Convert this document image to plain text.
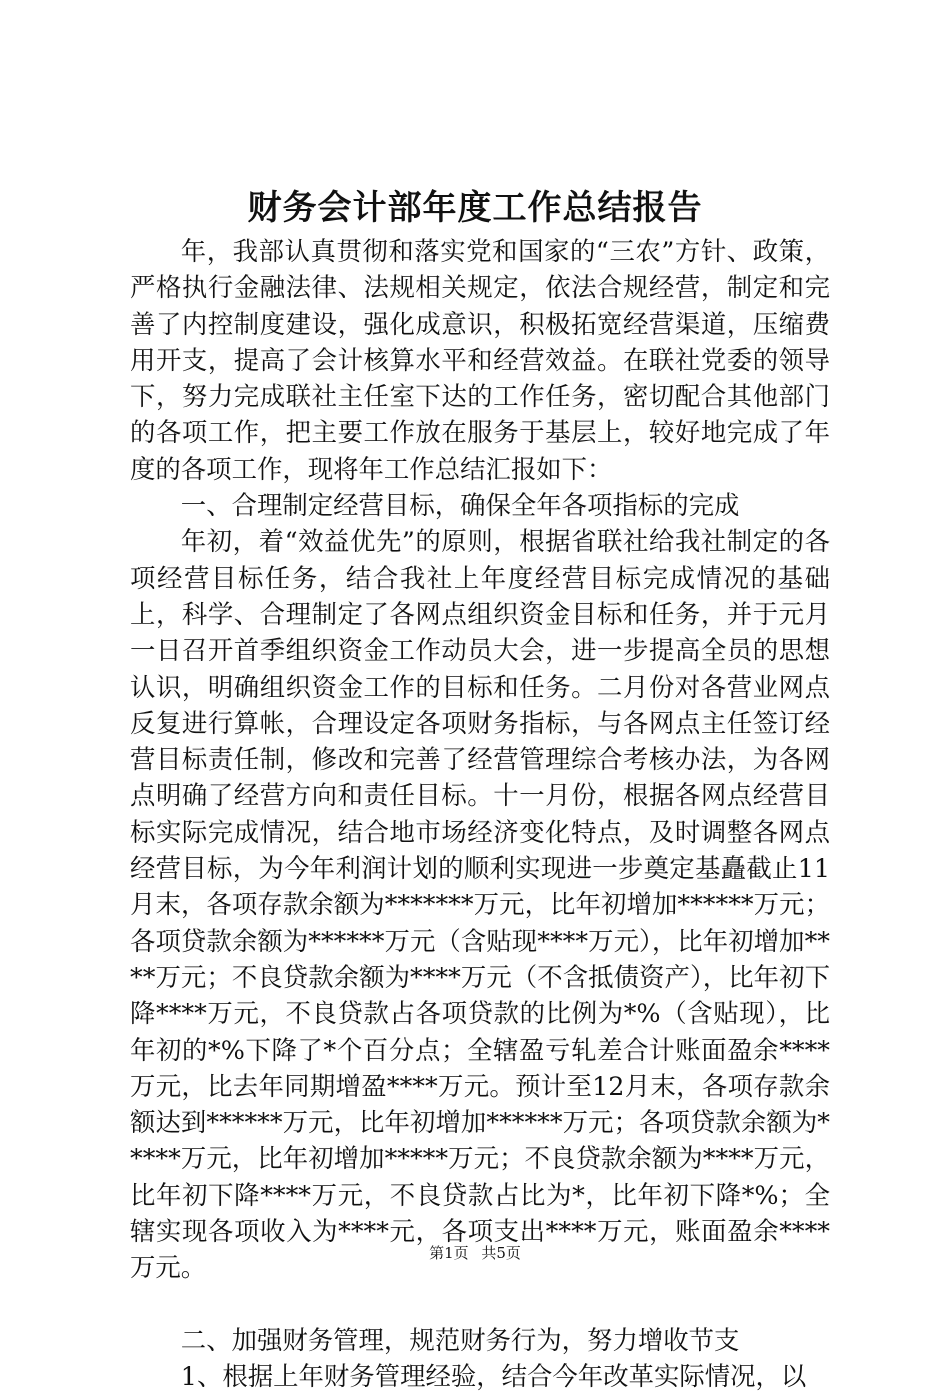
财务会计部年度工作总结报告

年，我部认真贯彻和落实党和国家的“三农”方针、政策，严格执行金融法律、法规相关规定，依法合规经营，制定和完善了内控制度建设，强化成意识，积极拓宽经营渠道，压缩费用开支，提高了会计核算水平和经营效益。在联社党委的领导下，努力完成联社主任室下达的工作任务，密切配合其他部门的各项工作，把主要工作放在服务于基层上，较好地完成了年度的各项工作，现将年工作总结汇报如下：

一、合理制定经营目标，确保全年各项指标的完成

年初，着“效益优先”的原则，根据省联社给我社制定的各项经营目标任务，结合我社上年度经营目标完成情况的基础上，科学、合理制定了各网点组织资金目标和任务，并于元月一日召开首季组织资金工作动员大会，进一步提高全员的思想认识，明确组织资金工作的目标和任务。二月份对各营业网点反复进行算帐，合理设定各项财务指标，与各网点主任签订经营目标责任制，修改和完善了经营管理综合考核办法，为各网点明确了经营方向和责任目标。十一月份，根据各网点经营目标实际完成情况，结合地市场经济变化特点，及时调整各网点经营目标，为今年利润计划的顺利实现进一步奠定基矗截止11月末，各项存款余额为*******万元，比年初增加******万元；各项贷款余额为******万元（含贴现****万元），比年初增加****万元；不良贷款余额为****万元（不含抵债资产），比年初下降****万元，不良贷款占各项贷款的比例为*%（含贴现），比年初的*%下降了*个百分点；全辖盈亏轧差合计账面盈余****万元，比去年同期增盈****万元。预计至12月末，各项存款余额达到******万元，比年初增加******万元；各项贷款余额为*****万元，比年初增加*****万元；不良贷款余额为****万元，比年初下降****万元，不良贷款占比为*，比年初下降*%；全辖实现各项收入为****元，各项支出****万元，账面盈余****万元。

二、加强财务管理，规范财务行为，努力增收节支

1、根据上年财务管理经验，结合今年改革实际情况，以

第1页 共5页
